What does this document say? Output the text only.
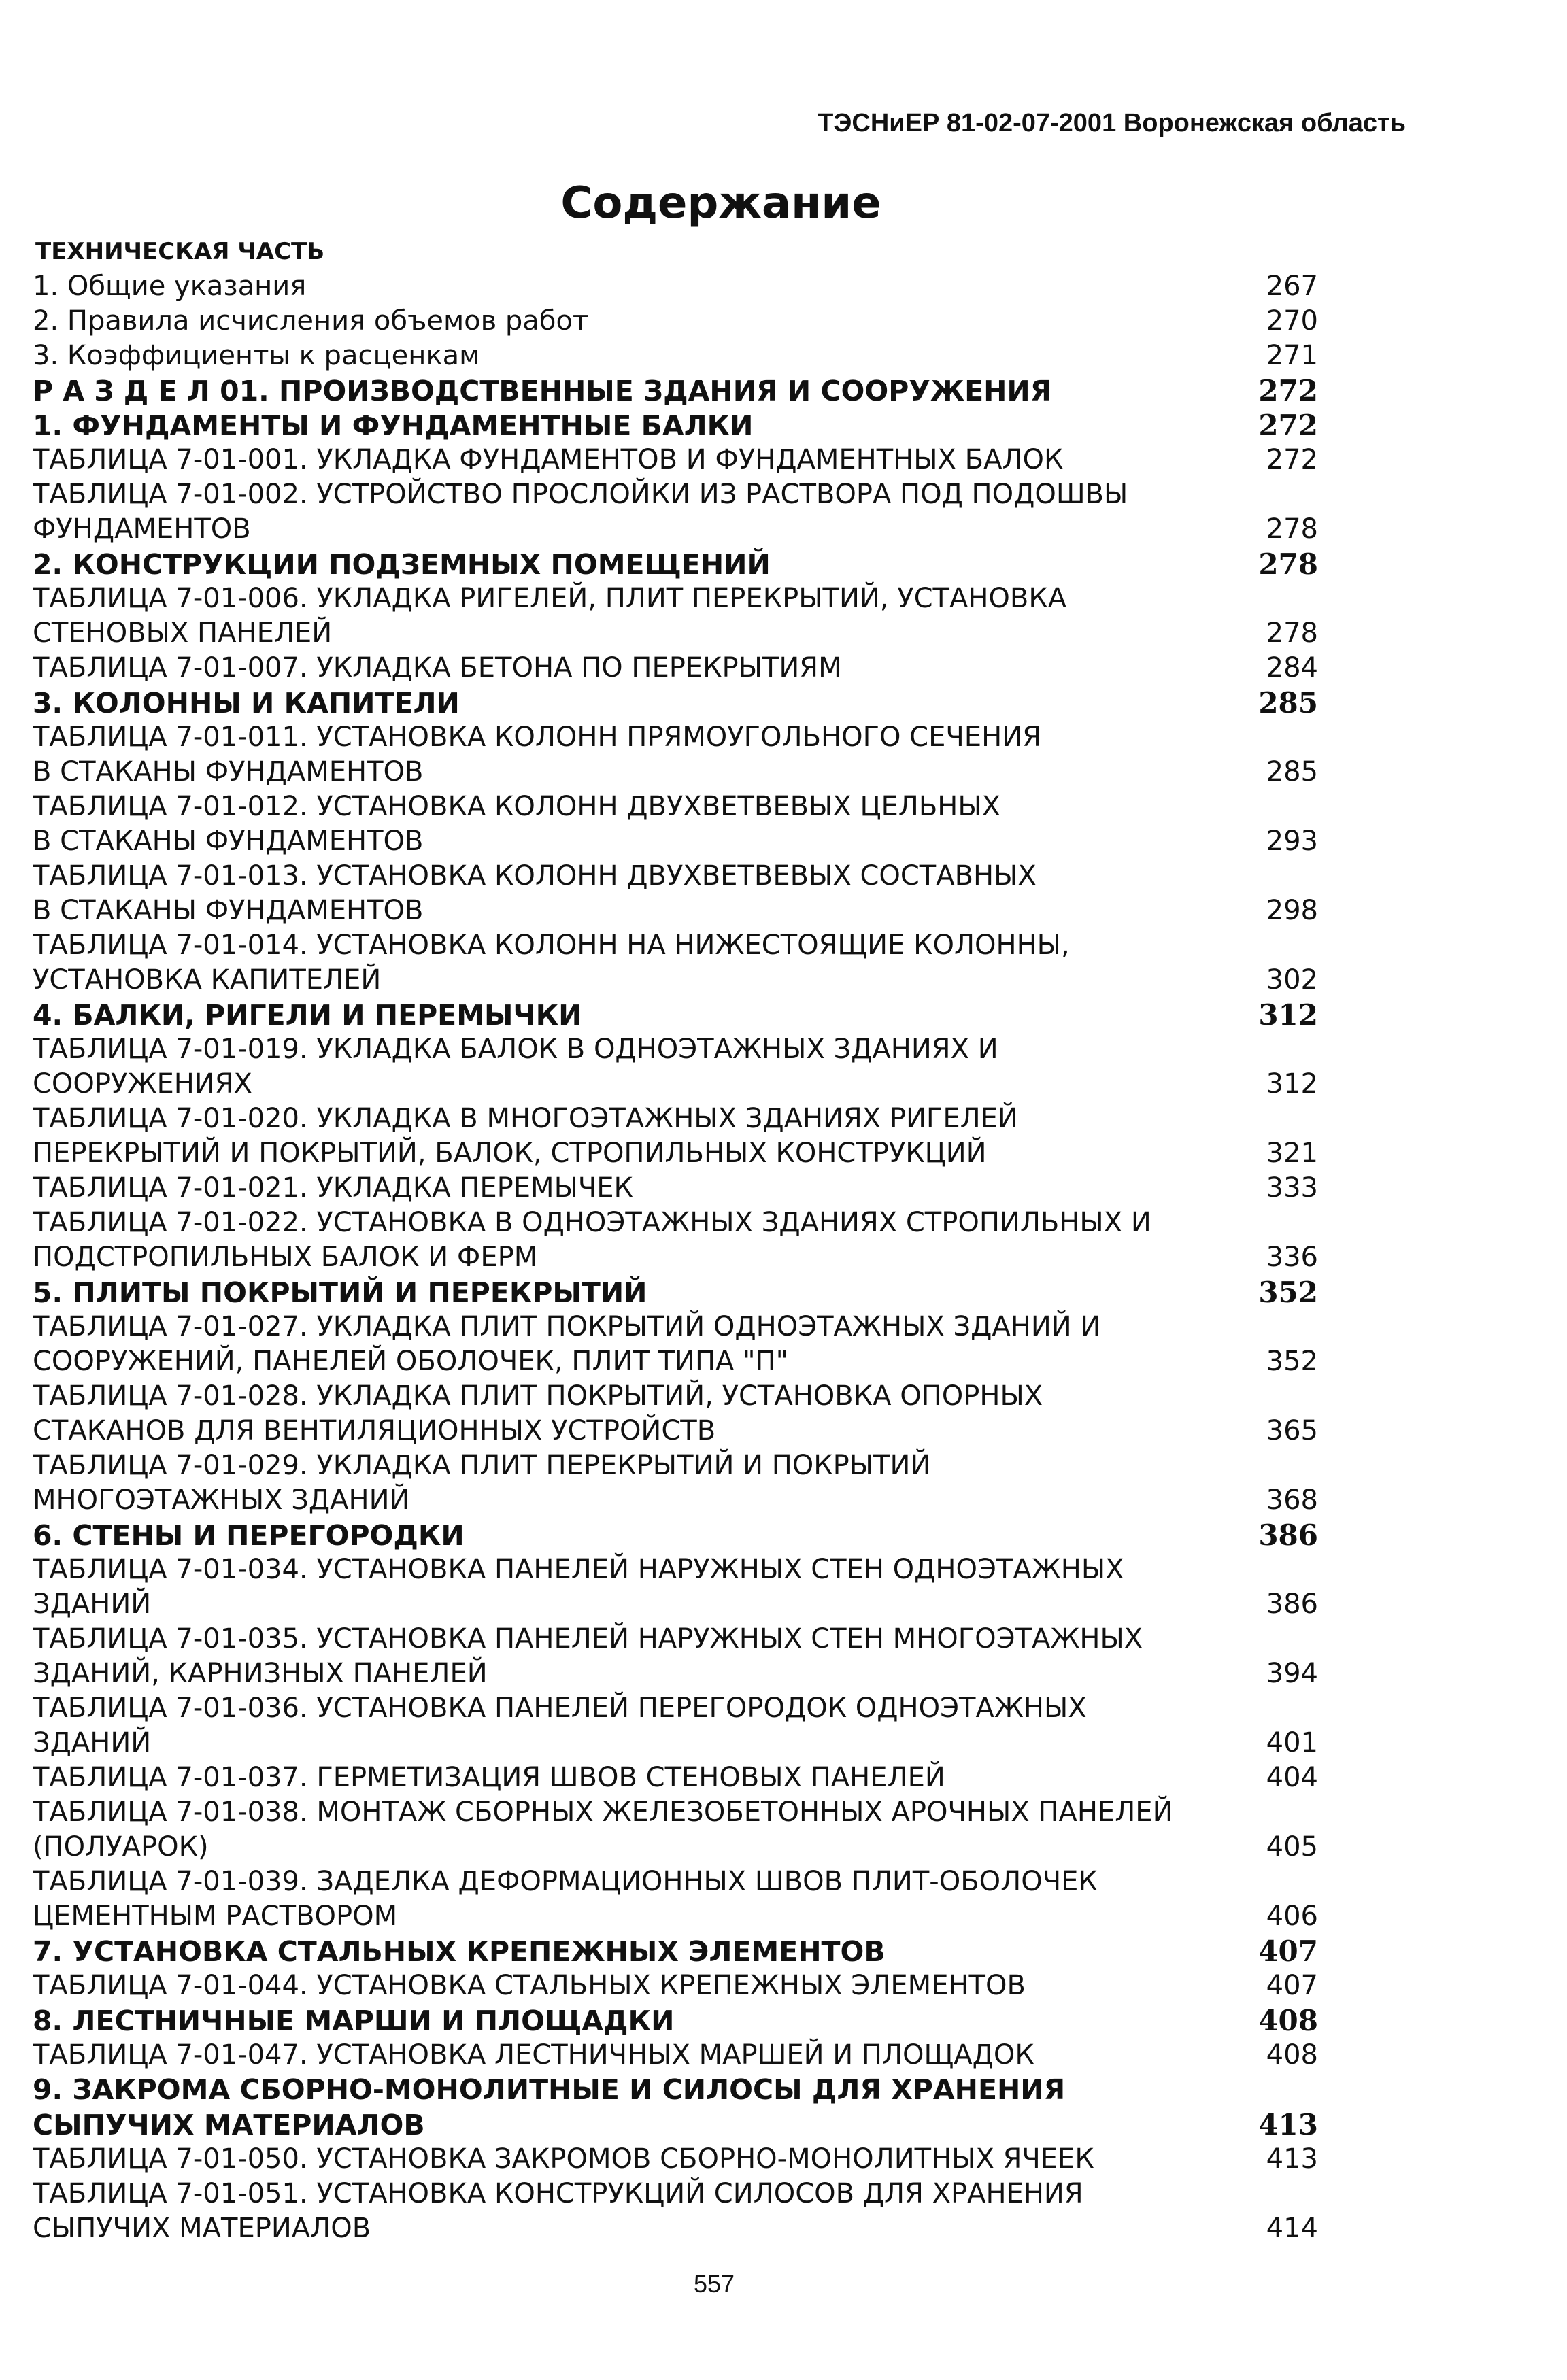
ТЭСНиЕР 81-02-07-2001 Воронежская область
Содержание
ТЕХНИЧЕСКАЯ ЧАСТЬ
1. Общие указания	267
2. Правила исчисления объемов работ	270
3. Коэффициенты к расценкам	271
Р А З Д Е Л 01. ПРОИЗВОДСТВЕННЫЕ ЗДАНИЯ И СООРУЖЕНИЯ	272
1. ФУНДАМЕНТЫ И ФУНДАМЕНТНЫЕ БАЛКИ	272
ТАБЛИЦА 7-01-001. УКЛАДКА ФУНДАМЕНТОВ И ФУНДАМЕНТНЫХ БАЛОК	272
ТАБЛИЦА 7-01-002. УСТРОЙСТВО ПРОСЛОЙКИ ИЗ РАСТВОРА ПОД ПОДОШВЫ
ФУНДАМЕНТОВ	278
2. КОНСТРУКЦИИ ПОДЗЕМНЫХ ПОМЕЩЕНИЙ	278
ТАБЛИЦА 7-01-006. УКЛАДКА РИГЕЛЕЙ, ПЛИТ ПЕРЕКРЫТИЙ, УСТАНОВКА
СТЕНОВЫХ ПАНЕЛЕЙ	278
ТАБЛИЦА 7-01-007. УКЛАДКА БЕТОНА ПО ПЕРЕКРЫТИЯМ	284
3. КОЛОННЫ И КАПИТЕЛИ	285
ТАБЛИЦА 7-01-011. УСТАНОВКА КОЛОНН ПРЯМОУГОЛЬНОГО СЕЧЕНИЯ
В СТАКАНЫ ФУНДАМЕНТОВ	285
ТАБЛИЦА 7-01-012. УСТАНОВКА КОЛОНН ДВУХВЕТВЕВЫХ ЦЕЛЬНЫХ
В СТАКАНЫ ФУНДАМЕНТОВ	293
ТАБЛИЦА 7-01-013. УСТАНОВКА КОЛОНН ДВУХВЕТВЕВЫХ СОСТАВНЫХ
В СТАКАНЫ ФУНДАМЕНТОВ	298
ТАБЛИЦА 7-01-014. УСТАНОВКА КОЛОНН НА НИЖЕСТОЯЩИЕ КОЛОННЫ,
УСТАНОВКА КАПИТЕЛЕЙ	302
4. БАЛКИ, РИГЕЛИ И ПЕРЕМЫЧКИ	312
ТАБЛИЦА 7-01-019. УКЛАДКА БАЛОК В ОДНОЭТАЖНЫХ ЗДАНИЯХ И
СООРУЖЕНИЯХ	312
ТАБЛИЦА 7-01-020. УКЛАДКА В МНОГОЭТАЖНЫХ ЗДАНИЯХ РИГЕЛЕЙ
ПЕРЕКРЫТИЙ И ПОКРЫТИЙ, БАЛОК, СТРОПИЛЬНЫХ КОНСТРУКЦИЙ	321
ТАБЛИЦА 7-01-021. УКЛАДКА ПЕРЕМЫЧЕК	333
ТАБЛИЦА 7-01-022. УСТАНОВКА В ОДНОЭТАЖНЫХ ЗДАНИЯХ СТРОПИЛЬНЫХ И
ПОДСТРОПИЛЬНЫХ БАЛОК И ФЕРМ	336
5. ПЛИТЫ ПОКРЫТИЙ И ПЕРЕКРЫТИЙ	352
ТАБЛИЦА 7-01-027. УКЛАДКА ПЛИТ ПОКРЫТИЙ ОДНОЭТАЖНЫХ ЗДАНИЙ И
СООРУЖЕНИЙ, ПАНЕЛЕЙ ОБОЛОЧЕК, ПЛИТ ТИПА "П"	352
ТАБЛИЦА 7-01-028. УКЛАДКА ПЛИТ ПОКРЫТИЙ, УСТАНОВКА ОПОРНЫХ
СТАКАНОВ ДЛЯ ВЕНТИЛЯЦИОННЫХ УСТРОЙСТВ	365
ТАБЛИЦА 7-01-029. УКЛАДКА ПЛИТ ПЕРЕКРЫТИЙ И ПОКРЫТИЙ
МНОГОЭТАЖНЫХ ЗДАНИЙ	368
6. СТЕНЫ И ПЕРЕГОРОДКИ	386
ТАБЛИЦА 7-01-034. УСТАНОВКА ПАНЕЛЕЙ НАРУЖНЫХ СТЕН ОДНОЭТАЖНЫХ
ЗДАНИЙ	386
ТАБЛИЦА 7-01-035. УСТАНОВКА ПАНЕЛЕЙ НАРУЖНЫХ СТЕН МНОГОЭТАЖНЫХ
ЗДАНИЙ, КАРНИЗНЫХ ПАНЕЛЕЙ	394
ТАБЛИЦА 7-01-036. УСТАНОВКА ПАНЕЛЕЙ ПЕРЕГОРОДОК ОДНОЭТАЖНЫХ
ЗДАНИЙ	401
ТАБЛИЦА 7-01-037. ГЕРМЕТИЗАЦИЯ ШВОВ СТЕНОВЫХ ПАНЕЛЕЙ	404
ТАБЛИЦА 7-01-038. МОНТАЖ СБОРНЫХ ЖЕЛЕЗОБЕТОННЫХ АРОЧНЫХ ПАНЕЛЕЙ
(ПОЛУАРОК)	405
ТАБЛИЦА 7-01-039. ЗАДЕЛКА ДЕФОРМАЦИОННЫХ ШВОВ ПЛИТ-ОБОЛОЧЕК
ЦЕМЕНТНЫМ РАСТВОРОМ	406
7. УСТАНОВКА СТАЛЬНЫХ КРЕПЕЖНЫХ ЭЛЕМЕНТОВ	407
ТАБЛИЦА 7-01-044. УСТАНОВКА СТАЛЬНЫХ КРЕПЕЖНЫХ ЭЛЕМЕНТОВ	407
8. ЛЕСТНИЧНЫЕ МАРШИ И ПЛОЩАДКИ	408
ТАБЛИЦА 7-01-047. УСТАНОВКА ЛЕСТНИЧНЫХ МАРШЕЙ И ПЛОЩАДОК	408
9. ЗАКРОМА СБОРНО-МОНОЛИТНЫЕ И СИЛОСЫ ДЛЯ ХРАНЕНИЯ
СЫПУЧИХ МАТЕРИАЛОВ	413
ТАБЛИЦА 7-01-050. УСТАНОВКА ЗАКРОМОВ СБОРНО-МОНОЛИТНЫХ ЯЧЕЕК	413
ТАБЛИЦА 7-01-051. УСТАНОВКА КОНСТРУКЦИЙ СИЛОСОВ ДЛЯ ХРАНЕНИЯ
СЫПУЧИХ МАТЕРИАЛОВ	414
557
